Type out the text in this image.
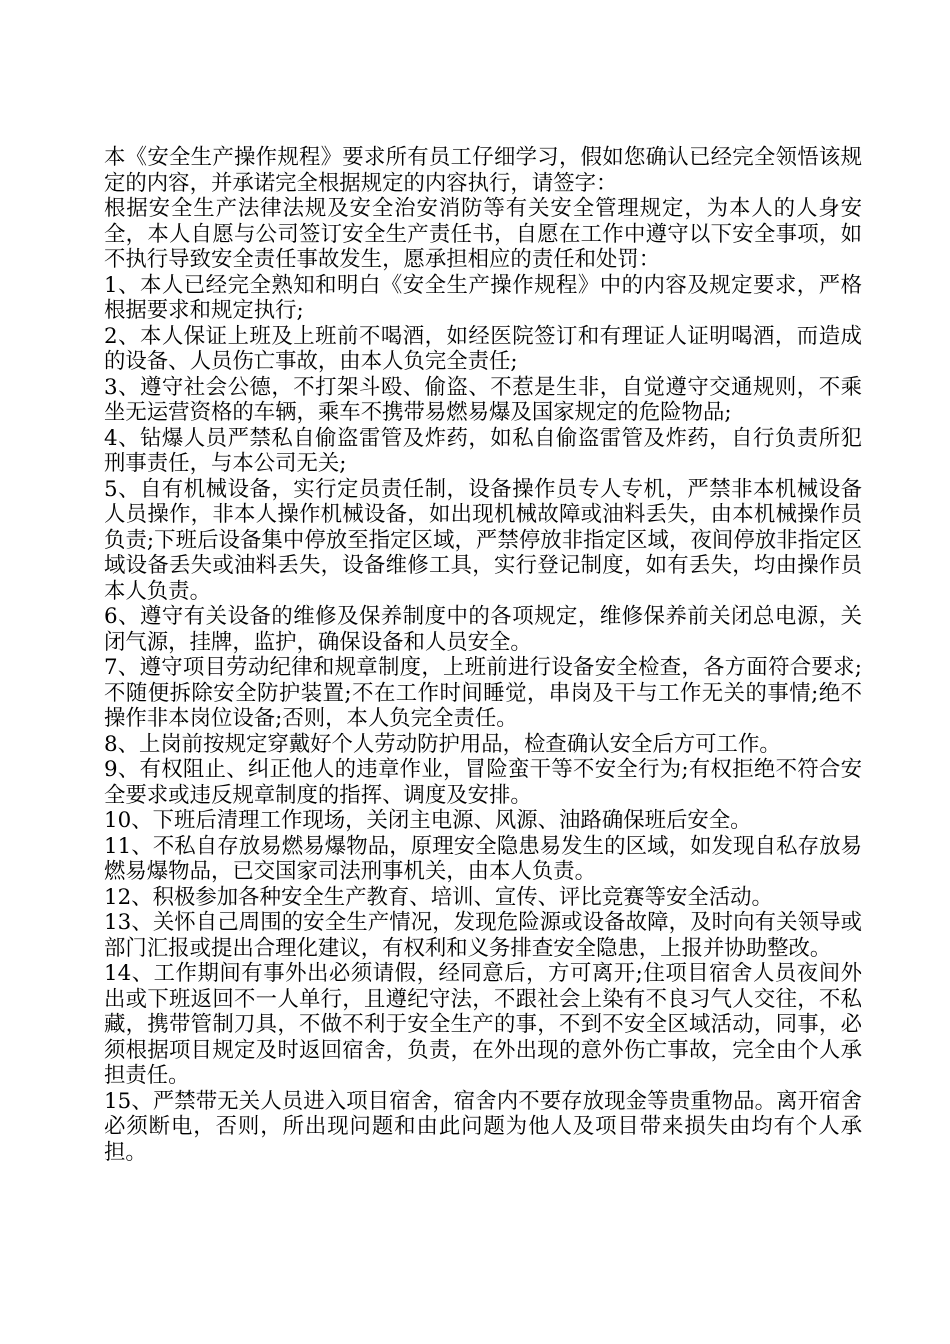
本《安全生产操作规程》要求所有员工仔细学习，假如您确认已经完全领悟该规定的内容，并承诺完全根据规定的内容执行，请签字：

根据安全生产法律法规及安全治安消防等有关安全管理规定，为本人的人身安全，本人自愿与公司签订安全生产责任书，自愿在工作中遵守以下安全事项，如不执行导致安全责任事故发生，愿承担相应的责任和处罚：

1、本人已经完全熟知和明白《安全生产操作规程》中的内容及规定要求，严格根据要求和规定执行;

2、本人保证上班及上班前不喝酒，如经医院签订和有理证人证明喝酒，而造成的设备、人员伤亡事故，由本人负完全责任;

3、遵守社会公德，不打架斗殴、偷盗、不惹是生非，自觉遵守交通规则，不乘坐无运营资格的车辆，乘车不携带易燃易爆及国家规定的危险物品;

4、钻爆人员严禁私自偷盗雷管及炸药，如私自偷盗雷管及炸药，自行负责所犯刑事责任，与本公司无关;

5、自有机械设备，实行定员责任制，设备操作员专人专机，严禁非本机械设备人员操作，非本人操作机械设备，如出现机械故障或油料丢失，由本机械操作员负责;下班后设备集中停放至指定区域，严禁停放非指定区域，夜间停放非指定区域设备丢失或油料丢失，设备维修工具，实行登记制度，如有丢失，均由操作员本人负责。

6、遵守有关设备的维修及保养制度中的各项规定，维修保养前关闭总电源，关闭气源，挂牌，监护，确保设备和人员安全。

7、遵守项目劳动纪律和规章制度，上班前进行设备安全检查，各方面符合要求;不随便拆除安全防护装置;不在工作时间睡觉，串岗及干与工作无关的事情;绝不操作非本岗位设备;否则，本人负完全责任。

8、上岗前按规定穿戴好个人劳动防护用品，检查确认安全后方可工作。

9、有权阻止、纠正他人的违章作业，冒险蛮干等不安全行为;有权拒绝不符合安全要求或违反规章制度的指挥、调度及安排。

10、下班后清理工作现场，关闭主电源、风源、油路确保班后安全。

11、不私自存放易燃易爆物品，原理安全隐患易发生的区域，如发现自私存放易燃易爆物品，已交国家司法刑事机关，由本人负责。

12、积极参加各种安全生产教育、培训、宣传、评比竞赛等安全活动。

13、关怀自己周围的安全生产情况，发现危险源或设备故障，及时向有关领导或部门汇报或提出合理化建议，有权利和义务排查安全隐患，上报并协助整改。

14、工作期间有事外出必须请假，经同意后，方可离开;住项目宿舍人员夜间外出或下班返回不一人单行，且遵纪守法，不跟社会上染有不良习气人交往，不私藏，携带管制刀具，不做不利于安全生产的事，不到不安全区域活动，同事，必须根据项目规定及时返回宿舍，负责，在外出现的意外伤亡事故，完全由个人承担责任。

15、严禁带无关人员进入项目宿舍，宿舍内不要存放现金等贵重物品。离开宿舍必须断电，否则，所出现问题和由此问题为他人及项目带来损失由均有个人承担。
